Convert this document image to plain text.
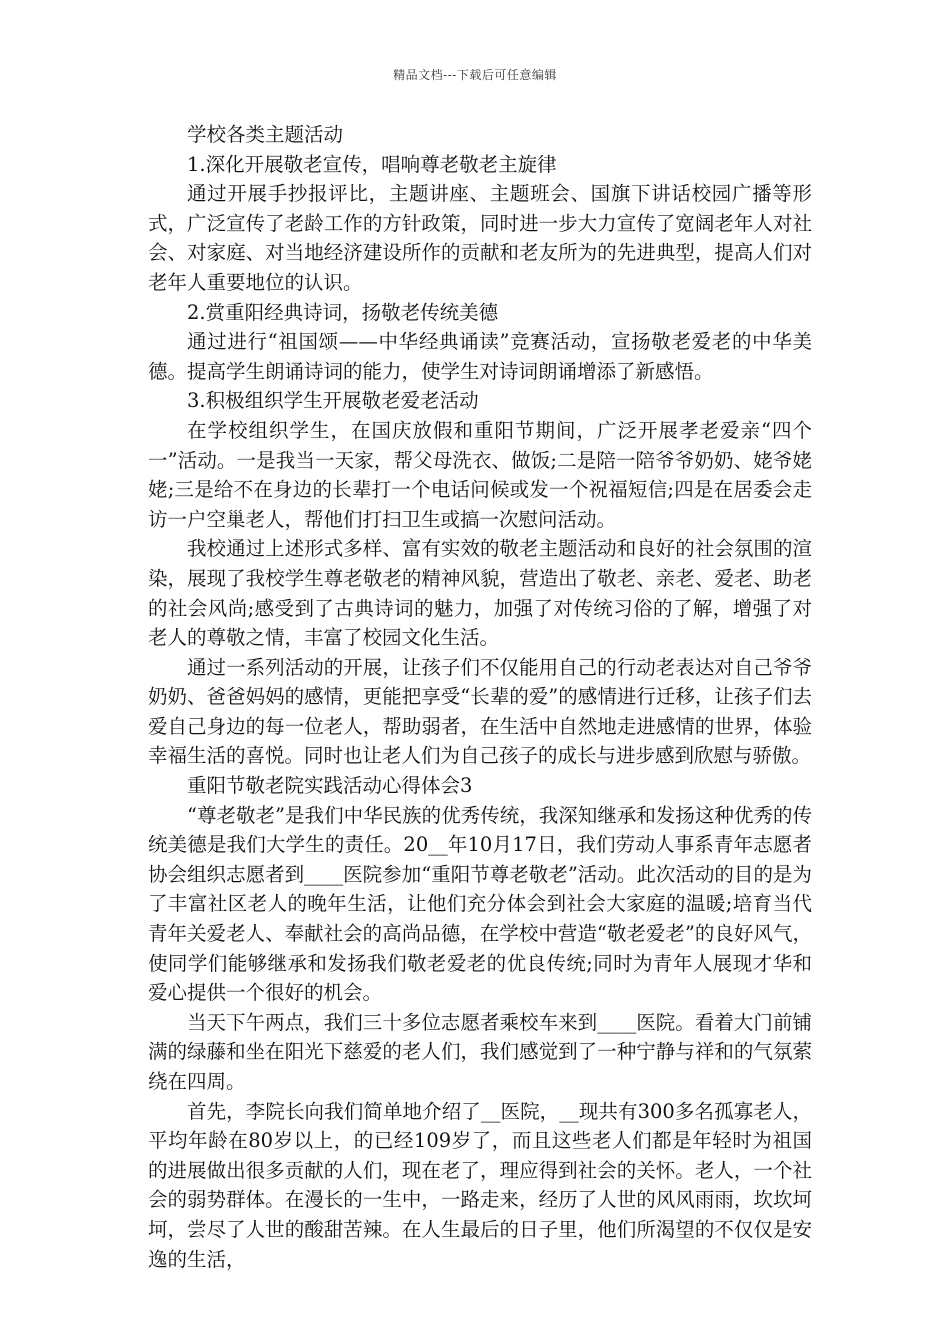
精品文档---下载后可任意编辑

学校各类主题活动

1.深化开展敬老宣传，唱响尊老敬老主旋律

通过开展手抄报评比，主题讲座、主题班会、国旗下讲话校园广播等形式，广泛宣传了老龄工作的方针政策，同时进一步大力宣传了宽阔老年人对社会、对家庭、对当地经济建设所作的贡献和老友所为的先进典型，提高人们对老年人重要地位的认识。

2.赏重阳经典诗词，扬敬老传统美德

通过进行“祖国颂——中华经典诵读”竞赛活动，宣扬敬老爱老的中华美德。提高学生朗诵诗词的能力，使学生对诗词朗诵增添了新感悟。

3.积极组织学生开展敬老爱老活动

在学校组织学生，在国庆放假和重阳节期间，广泛开展孝老爱亲“四个一”活动。一是我当一天家，帮父母洗衣、做饭;二是陪一陪爷爷奶奶、姥爷姥姥;三是给不在身边的长辈打一个电话问候或发一个祝福短信;四是在居委会走访一户空巢老人，帮他们打扫卫生或搞一次慰问活动。

我校通过上述形式多样、富有实效的敬老主题活动和良好的社会氛围的渲染，展现了我校学生尊老敬老的精神风貌，营造出了敬老、亲老、爱老、助老的社会风尚;感受到了古典诗词的魅力，加强了对传统习俗的了解，增强了对老人的尊敬之情，丰富了校园文化生活。

通过一系列活动的开展，让孩子们不仅能用自己的行动老表达对自己爷爷奶奶、爸爸妈妈的感情，更能把享受“长辈的爱”的感情进行迁移，让孩子们去爱自己身边的每一位老人，帮助弱者，在生活中自然地走进感情的世界，体验幸福生活的喜悦。同时也让老人们为自己孩子的成长与进步感到欣慰与骄傲。

重阳节敬老院实践活动心得体会3

“尊老敬老”是我们中华民族的优秀传统，我深知继承和发扬这种优秀的传统美德是我们大学生的责任。20__年10月17日，我们劳动人事系青年志愿者协会组织志愿者到____医院参加“重阳节尊老敬老”活动。此次活动的目的是为了丰富社区老人的晚年生活，让他们充分体会到社会大家庭的温暖;培育当代青年关爱老人、奉献社会的高尚品德，在学校中营造“敬老爱老”的良好风气，使同学们能够继承和发扬我们敬老爱老的优良传统;同时为青年人展现才华和爱心提供一个很好的机会。

当天下午两点，我们三十多位志愿者乘校车来到____医院。看着大门前铺满的绿藤和坐在阳光下慈爱的老人们，我们感觉到了一种宁静与祥和的气氛萦绕在四周。

首先，李院长向我们简单地介绍了__医院，__现共有300多名孤寡老人，平均年龄在80岁以上，的已经109岁了，而且这些老人们都是年轻时为祖国的进展做出很多贡献的人们，现在老了，理应得到社会的关怀。老人，一个社会的弱势群体。在漫长的一生中，一路走来，经历了人世的风风雨雨，坎坎坷坷，尝尽了人世的酸甜苦辣。在人生最后的日子里，他们所渴望的不仅仅是安逸的生活，
